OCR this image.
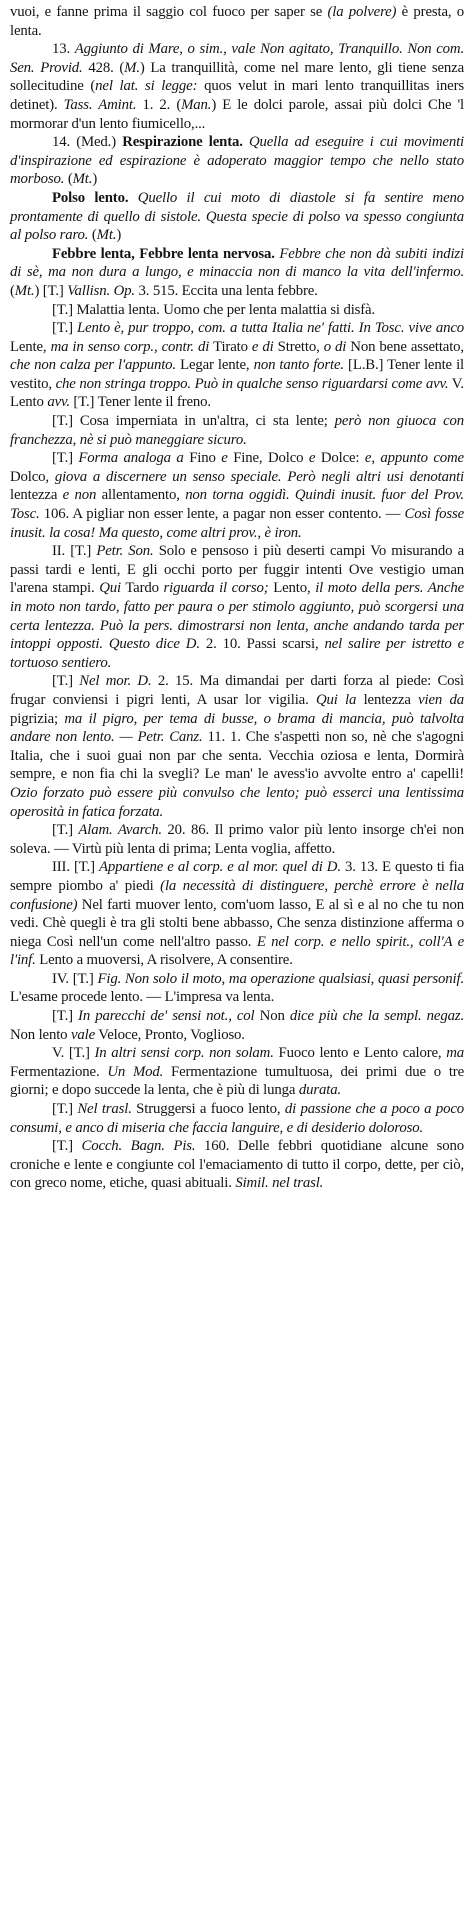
vuoi, e fanne prima il saggio col fuoco per saper se (la polvere) è presta, o lenta.

13. Aggiunto di Mare, o sim., vale Non agitato, Tranquillo. Non com. Sen. Provid. 428. (M.) La tranquillità, come nel mare lento, gli tiene senza sollecitudine (nel lat. si legge: quos velut in mari lento tranquillitas iners detinet). Tass. Amint. 1. 2. (Man.) E le dolci parole, assai più dolci Che 'l mormorar d'un lento fiumicello,...

14. (Med.) Respirazione lenta. Quella ad eseguire i cui movimenti d'inspirazione ed espirazione è adoperato maggior tempo che nello stato morboso. (Mt.)

Polso lento. Quello il cui moto di diastole si fa sentire meno prontamente di quello di sistole. Questa specie di polso va spesso congiunta al polso raro. (Mt.)

Febbre lenta, Febbre lenta nervosa. Febbre che non dà subiti indizi di sè, ma non dura a lungo, e minaccia non di manco la vita dell'infermo. (Mt.) [T.] Vallisn. Op. 3. 515. Eccita una lenta febbre.

[T.] Malattia lenta. Uomo che per lenta malattia si disfà.

[T.] Lento è, pur troppo, com. a tutta Italia ne' fatti. In Tosc. vive anco Lente, ma in senso corp., contr. di Tirato e di Stretto, o di Non bene assettato, che non calza per l'appunto. Legar lente, non tanto forte. [L.B.] Tener lente il vestito, che non stringa troppo. Può in qualche senso riguardarsi come avv. V. Lento avv. [T.] Tener lente il freno.

[T.] Cosa imperniata in un'altra, ci sta lente; però non giuoca con franchezza, nè si può maneggiare sicuro.

[T.] Forma analoga a Fino e Fine, Dolco e Dolce: e, appunto come Dolco, giova a discernere un senso speciale. Però negli altri usi denotanti lentezza e non allentamento, non torna oggidì. Quindi inusit. fuor del Prov. Tosc. 106. A pigliar non esser lente, a pagar non esser contento. — Così fosse inusit. la cosa! Ma questo, come altri prov., è iron.

II. [T.] Petr. Son. Solo e pensoso i più deserti campi Vo misurando a passi tardi e lenti, E gli occhi porto per fuggir intenti Ove vestigio uman l'arena stampi. Qui Tardo riguarda il corso; Lento, il moto della pers. Anche in moto non tardo, fatto per paura o per stimolo aggiunto, può scorgersi una certa lentezza. Può la pers. dimostrarsi non lenta, anche andando tarda per intoppi opposti. Questo dice D. 2. 10. Passi scarsi, nel salire per istretto e tortuoso sentiero.

[T.] Nel mor. D. 2. 15. Ma dimandai per darti forza al piede: Così frugar conviensi i pigri lenti, A usar lor vigilia. Qui la lentezza vien da pigrizia; ma il pigro, per tema di busse, o brama di mancia, può talvolta andare non lento. — Petr. Canz. 11. 1. Che s'aspetti non so, nè che s'agogni Italia, che i suoi guai non par che senta. Vecchia oziosa e lenta, Dormirà sempre, e non fia chi la svegli? Le man' le avess'io avvolte entro a' capelli! Ozio forzato può essere più convulso che lento; può esserci una lentissima operosità in fatica forzata.

[T.] Alam. Avarch. 20. 86. Il primo valor più lento insorge ch'ei non soleva. — Virtù più lenta di prima; Lenta voglia, affetto.

III. [T.] Appartiene e al corp. e al mor. quel di D. 3. 13. E questo ti fia sempre piombo a' piedi (la necessità di distinguere, perchè errore è nella confusione) Nel farti muover lento, com'uom lasso, E al sì e al no che tu non vedi. Chè quegli è tra gli stolti bene abbasso, Che senza distinzione afferma o niega Così nell'un come nell'altro passo. E nel corp. e nello spirit., coll'A e l'inf. Lento a muoversi, A risolvere, A consentire.

IV. [T.] Fig. Non solo il moto, ma operazione qualsiasi, quasi personif. L'esame procede lento. — L'impresa va lenta.

[T.] In parecchi de' sensi not., col Non dice più che la sempl. negaz. Non lento vale Veloce, Pronto, Voglioso.

V. [T.] In altri sensi corp. non solam. Fuoco lento e Lento calore, ma Fermentazione. Un Mod. Fermentazione tumultuosa, dei primi due o tre giorni; e dopo succede la lenta, che è più di lunga durata.

[T.] Nel trasl. Struggersi a fuoco lento, di passione che a poco a poco consumi, e anco di miseria che faccia languire, e di desiderio doloroso.

[T.] Cocch. Bagn. Pis. 160. Delle febbri quotidiane alcune sono croniche e lente e congiunte col l'emaciamento di tutto il corpo, dette, per ciò, con greco nome, etiche, quasi abituali. Simil. nel trasl.
